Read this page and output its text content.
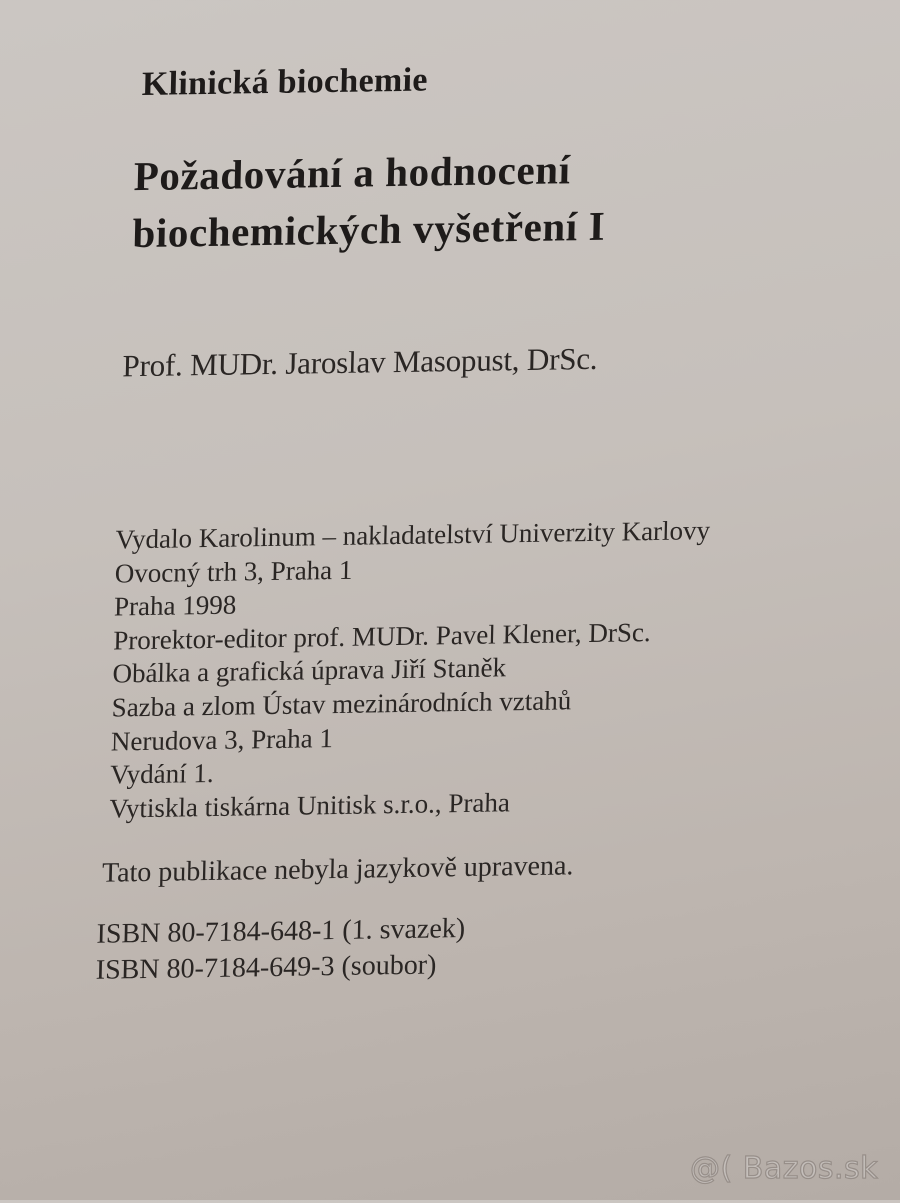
Klinická biochemie
Požadování a hodnocení
biochemických vyšetření I
Prof. MUDr. Jaroslav Masopust, DrSc.
Vydalo Karolinum – nakladatelství Univerzity Karlovy
Ovocný trh 3, Praha 1
Praha 1998
Prorektor-editor prof. MUDr. Pavel Klener, DrSc.
Obálka a grafická úprava Jiří Staněk
Sazba a zlom Ústav mezinárodních vztahů
Nerudova 3, Praha 1
Vydání 1.
Vytiskla tiskárna Unitisk s.r.o., Praha
Tato publikace nebyla jazykově upravena.
ISBN 80-7184-648-1 (1. svazek)
ISBN 80-7184-649-3 (soubor)
@( Bazos.sk
